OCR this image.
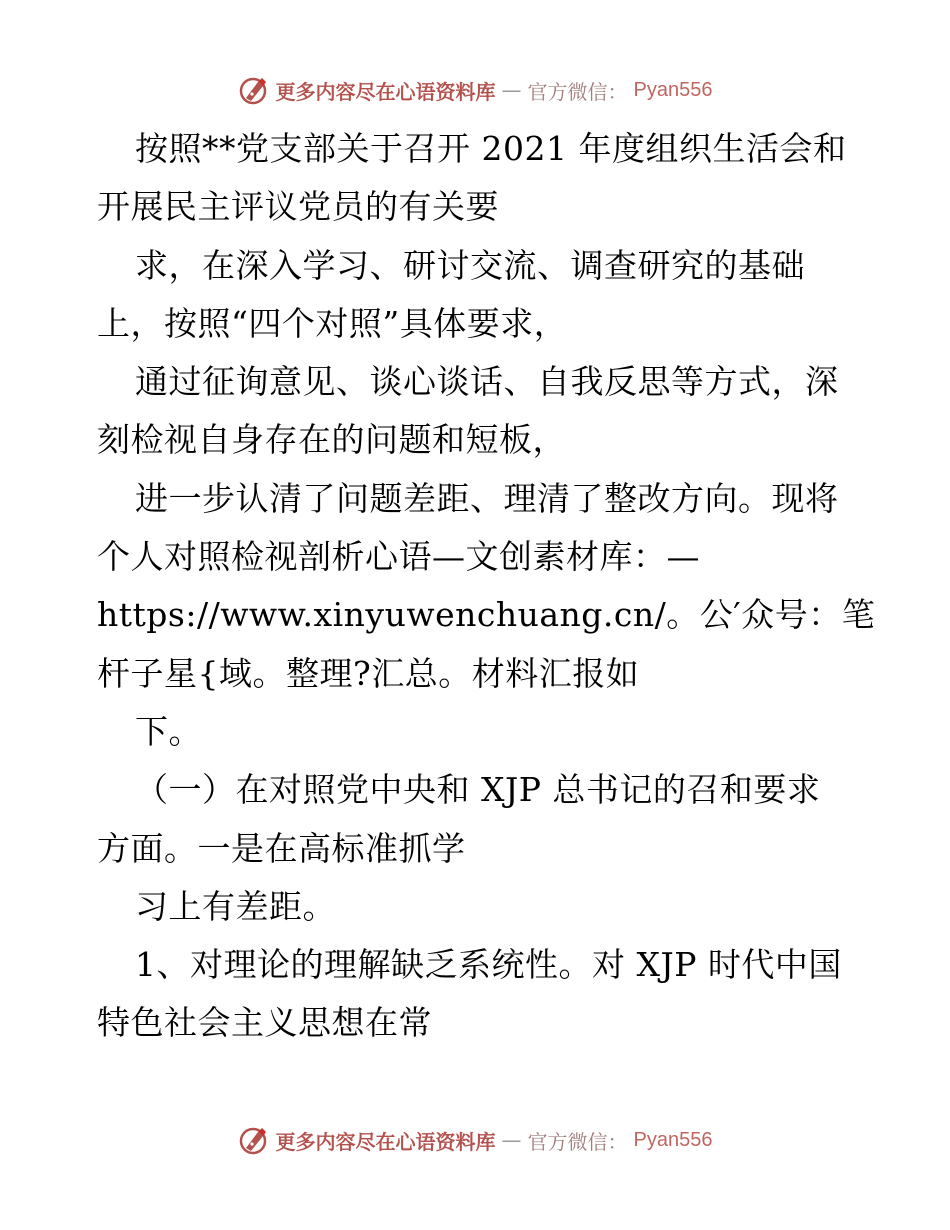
更多内容尽在心语资料库 — 官方微信： Pyan556
按照**党支部关于召开 2021 年度组织生活会和
开展民主评议党员的有关要
求，在深入学习、研讨交流、调查研究的基础
上，按照“四个对照”具体要求，
通过征询意见、谈心谈话、自我反思等方式，深
刻检视自身存在的问题和短板，
进一步认清了问题差距、理清了整改方向。现将
个人对照检视剖析心语—文创素材库：—
https://www.xinyuwenchuang.cn/。公′众号：笔
杆子星{域。整理?汇总。材料汇报如
下。
（一）在对照党中央和 XJP 总书记的召和要求
方面。一是在高标准抓学
习上有差距。
1、对理论的理解缺乏系统性。对 XJP 时代中国
特色社会主义思想在常
更多内容尽在心语资料库 — 官方微信： Pyan556
